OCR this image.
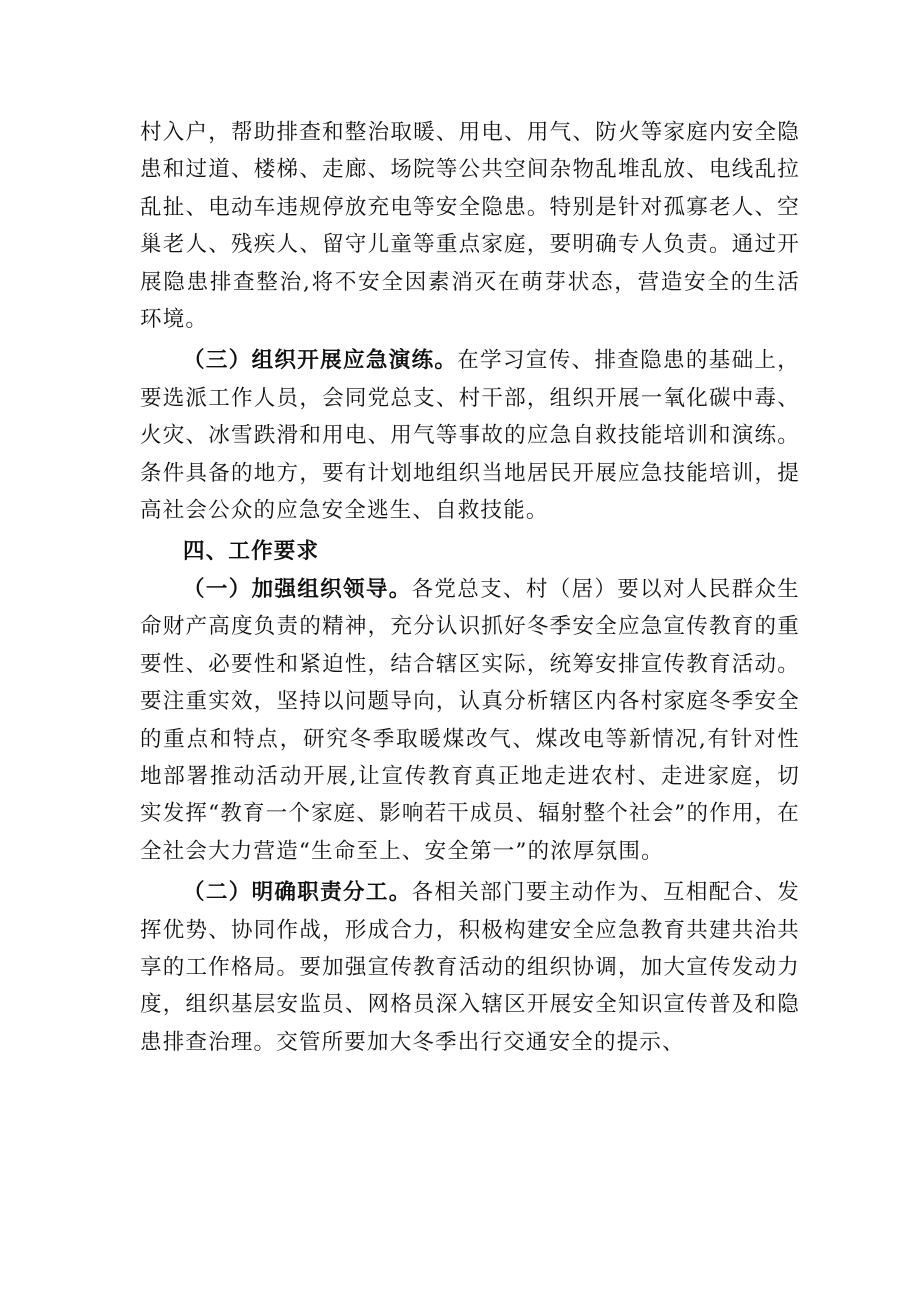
村入户，帮助排查和整治取暖、用电、用气、防火等家庭内安全隐患和过道、楼梯、走廊、场院等公共空间杂物乱堆乱放、电线乱拉乱扯、电动车违规停放充电等安全隐患。特别是针对孤寡老人、空巢老人、残疾人、留守儿童等重点家庭，要明确专人负责。通过开展隐患排查整治,将不安全因素消灭在萌芽状态，营造安全的生活环境。

（三）组织开展应急演练。在学习宣传、排查隐患的基础上，要选派工作人员，会同党总支、村干部，组织开展一氧化碳中毒、火灾、冰雪跌滑和用电、用气等事故的应急自救技能培训和演练。条件具备的地方，要有计划地组织当地居民开展应急技能培训，提高社会公众的应急安全逃生、自救技能。

四、工作要求

（一）加强组织领导。各党总支、村（居）要以对人民群众生命财产高度负责的精神，充分认识抓好冬季安全应急宣传教育的重要性、必要性和紧迫性，结合辖区实际，统筹安排宣传教育活动。要注重实效，坚持以问题导向，认真分析辖区内各村家庭冬季安全的重点和特点，研究冬季取暖煤改气、煤改电等新情况,有针对性地部署推动活动开展,让宣传教育真正地走进农村、走进家庭，切实发挥“教育一个家庭、影响若干成员、辐射整个社会”的作用，在全社会大力营造“生命至上、安全第一”的浓厚氛围。

（二）明确职责分工。各相关部门要主动作为、互相配合、发挥优势、协同作战，形成合力，积极构建安全应急教育共建共治共享的工作格局。要加强宣传教育活动的组织协调，加大宣传发动力度，组织基层安监员、网格员深入辖区开展安全知识宣传普及和隐患排查治理。交管所要加大冬季出行交通安全的提示、
